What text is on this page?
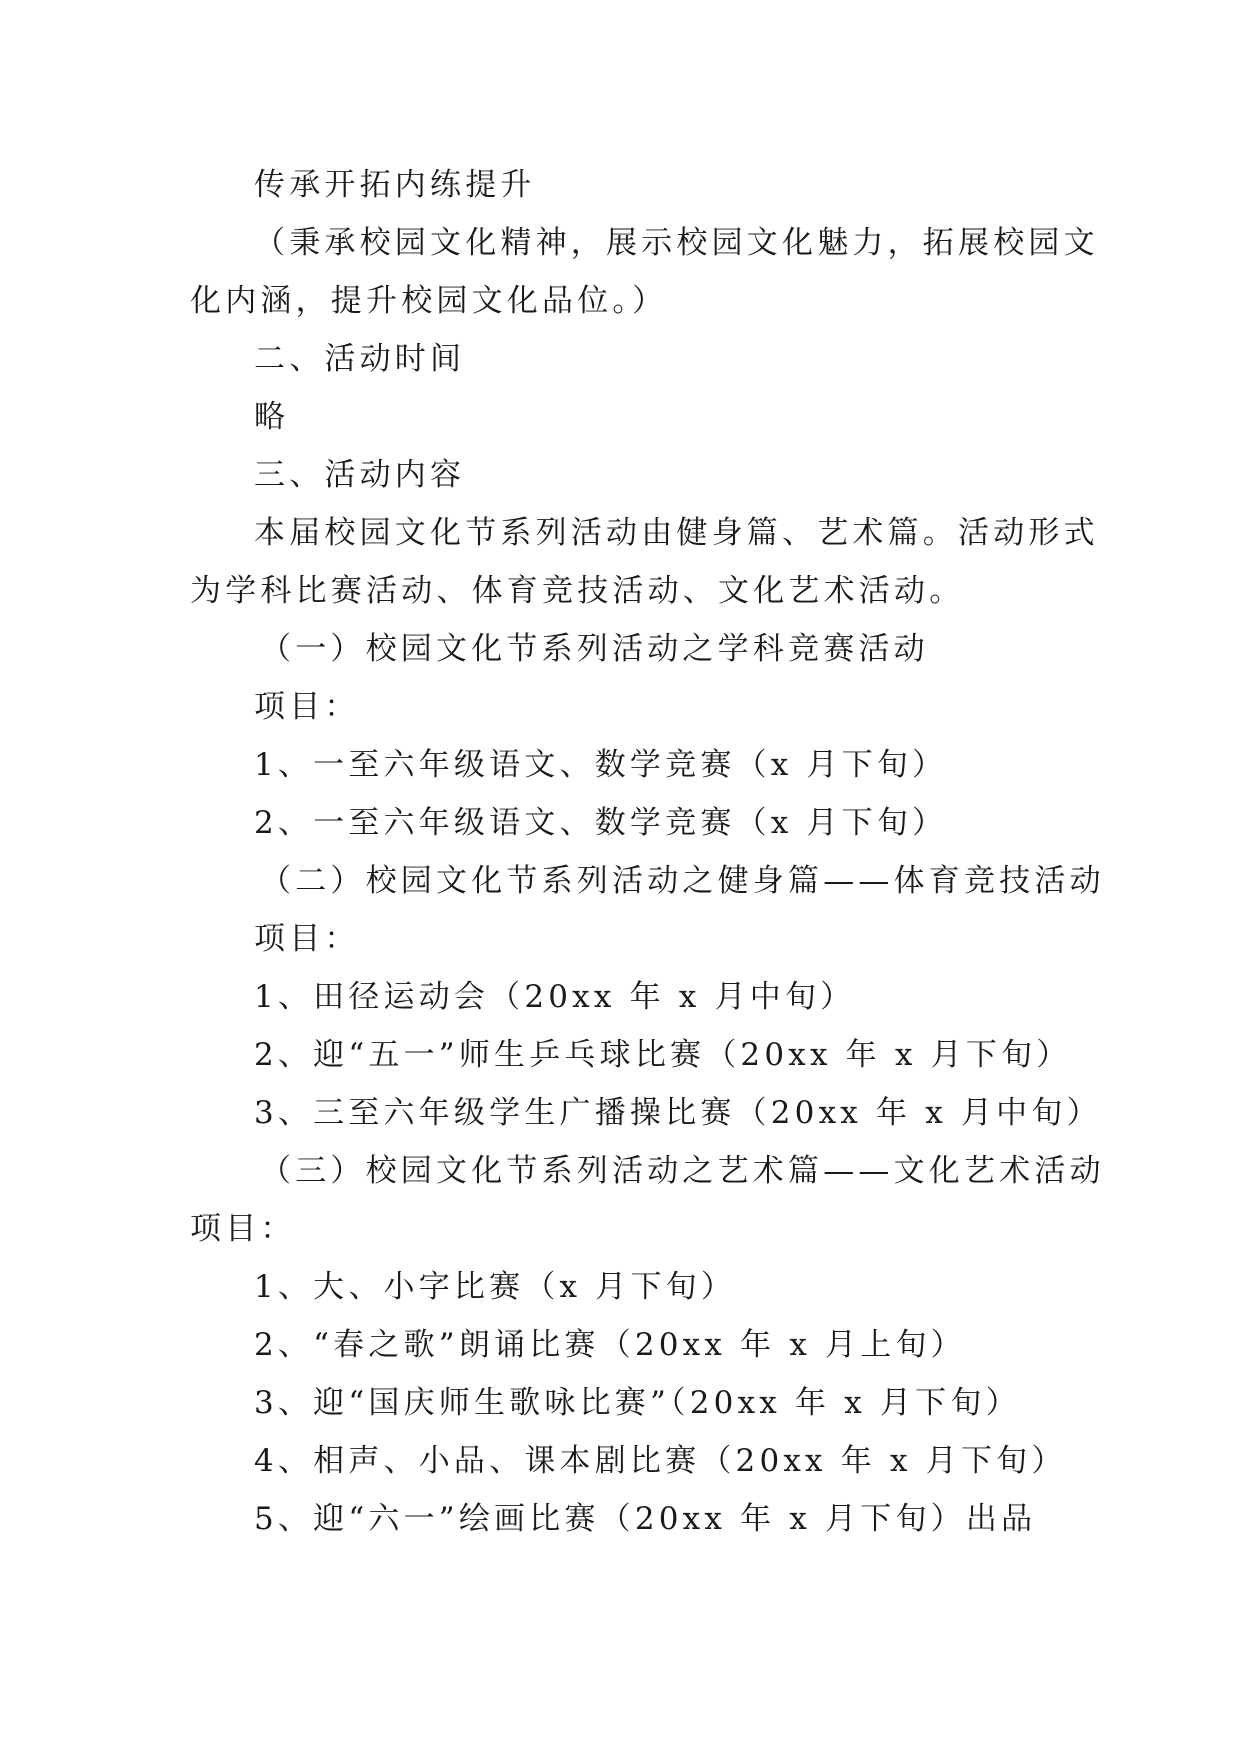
传承开拓内练提升
（秉承校园文化精神，展示校园文化魅力，拓展校园文
化内涵，提升校园文化品位。）
二、活动时间
略
三、活动内容
本届校园文化节系列活动由健身篇、艺术篇。活动形式
为学科比赛活动、体育竞技活动、文化艺术活动。
（一）校园文化节系列活动之学科竞赛活动
项目：
1、一至六年级语文、数学竞赛（x 月下旬）
2、一至六年级语文、数学竞赛（x 月下旬）
（二）校园文化节系列活动之健身篇——体育竞技活动
项目：
1、田径运动会（20xx 年 x 月中旬）
2、迎“五一”师生乒乓球比赛（20xx 年 x 月下旬）
3、三至六年级学生广播操比赛（20xx 年 x 月中旬）
（三）校园文化节系列活动之艺术篇——文化艺术活动
项目：
1、大、小字比赛（x 月下旬）
2、“春之歌”朗诵比赛（20xx 年 x 月上旬）
3、迎“国庆师生歌咏比赛”（20xx 年 x 月下旬）
4、相声、小品、课本剧比赛（20xx 年 x 月下旬）
5、迎“六一”绘画比赛（20xx 年 x 月下旬）出品
